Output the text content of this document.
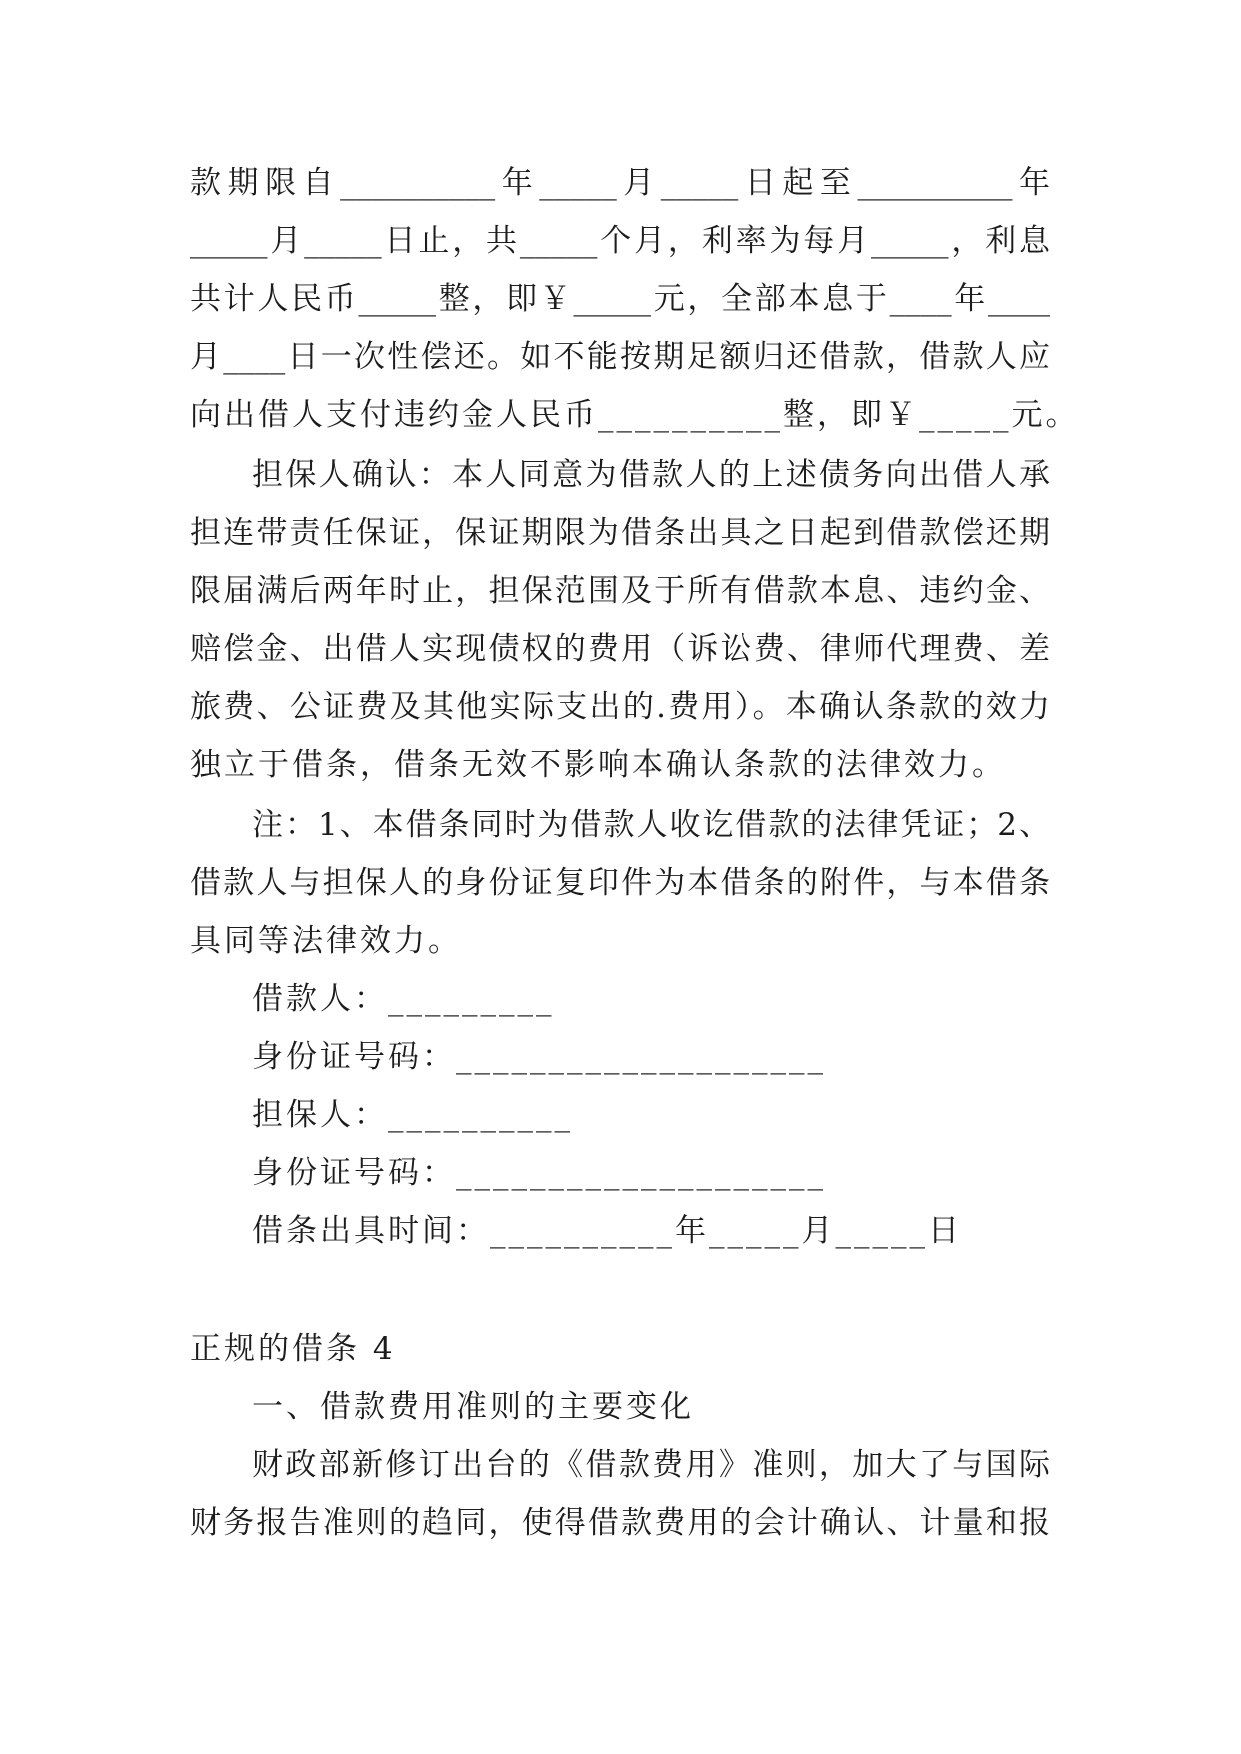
款期限自__________年_____月_____日起至__________年
_____月_____日止，共_____个月，利率为每月_____，利息
共计人民币_____整，即￥_____元，全部本息于____年____
月____日一次性偿还。如不能按期足额归还借款，借款人应
向出借人支付违约金人民币__________整，即￥_____元。
担保人确认：本人同意为借款人的上述债务向出借人承
担连带责任保证，保证期限为借条出具之日起到借款偿还期
限届满后两年时止，担保范围及于所有借款本息、违约金、
赔偿金、出借人实现债权的费用（诉讼费、律师代理费、差
旅费、公证费及其他实际支出的.费用）。本确认条款的效力
独立于借条，借条无效不影响本确认条款的法律效力。
注：1、本借条同时为借款人收讫借款的法律凭证；2、
借款人与担保人的身份证复印件为本借条的附件，与本借条
具同等法律效力。
借款人：_________
身份证号码：____________________
担保人：__________
身份证号码：____________________
借条出具时间：__________年_____月_____日
正规的借条 4
一、借款费用准则的主要变化
财政部新修订出台的《借款费用》准则，加大了与国际
财务报告准则的趋同，使得借款费用的会计确认、计量和报
